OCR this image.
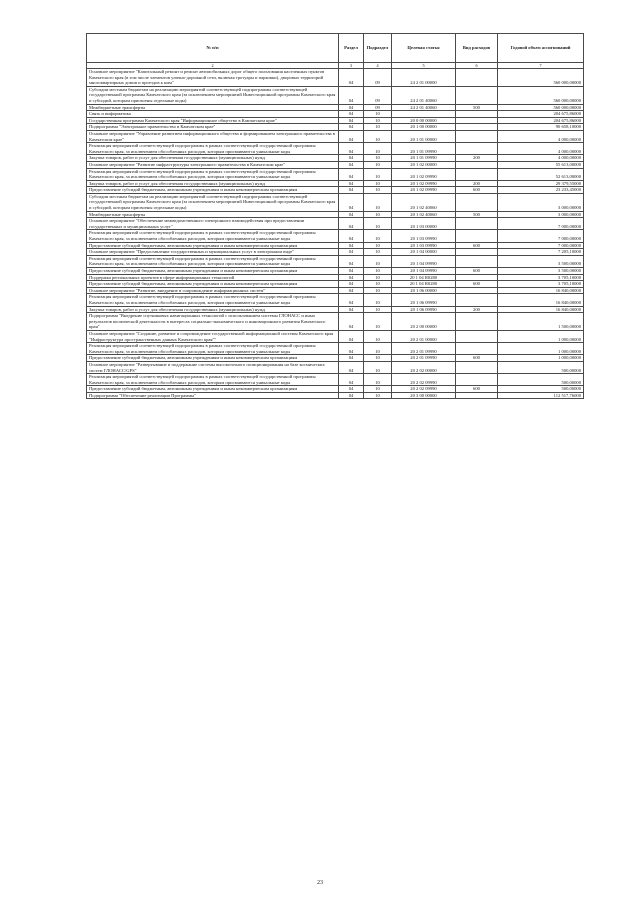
№ п/п	Раздел	Подраздел	Целевая статья	Вид расходов	Годовой объем ассигнований
2	3	4	5	6	7
Основное мероприятие "Капитальный ремонт и ремонт автомобильных дорог общего пользования населенных пунктов Камчатского края (в том числе элементов улично-дорожной сети, включая тротуары и парковки), дворовых территорий многоквартирных домов и проездов к ним"	04	09	24 2 01 00000		560 000,00000
Субсидии местным бюджетам на реализацию мероприятий соответствующей подпрограммы соответствующей государственной программы Камчатского края (за исключением мероприятий Инвестиционной программы Камчатского края и субсидий, которым присвоены отдельные коды)	04	09	24 2 01 40060		560 000,00000
Межбюджетные трансферты	04	09	24 2 01 40060	500	560 000,00000
Связь и информатика	04	10			204 675,86000
Государственная программа Камчатского края "Информационное общество в Камчатском крае"	04	10	20 0 00 00000		204 675,86000
Подпрограмма "Электронное правительство в Камчатском крае"	04	10	20 1 00 00000		90 658,10000
Основное мероприятие "Управление развитием информационного общества и формированием электронного правительства в Камчатском крае"	04	10	20 1 01 00000		4 000,00000
Реализация мероприятий соответствующей подпрограммы в рамках соответствующей государственной программы Камчатского края, за исключением обособленных расходов, которым присваиваются уникальные коды	04	10	20 1 01 09990		4 000,00000
Закупка товаров, работ и услуг для обеспечения государственных (муниципальных) нужд	04	10	20 1 01 09990	200	4 000,00000
Основное мероприятие "Развитие инфраструктуры электронного правительства в Камчатском крае"	04	10	20 1 02 00000		55 613,00000
Реализация мероприятий соответствующей подпрограммы в рамках соответствующей государственной программы Камчатского края, за исключением обособленных расходов, которым присваиваются уникальные коды	04	10	20 1 02 09990		52 613,00000
Закупка товаров, работ и услуг для обеспечения государственных (муниципальных) нужд	04	10	20 1 02 09990	200	29 379,55000
Предоставление субсидий бюджетным, автономным учреждениям и иным некоммерческим организациям	04	10	20 1 02 09990	600	23 233,45000
Субсидии местным бюджетам на реализацию мероприятий соответствующей подпрограммы соответствующей государственной программы Камчатского края (за исключением мероприятий Инвестиционной программы Камчатского края и субсидий, которым присвоены отдельные коды)	04	10	20 1 02 40060		3 000,00000
Межбюджетные трансферты	04	10	20 1 02 40060	500	3 000,00000
Основное мероприятие "Обеспечение межведомственного электронного взаимодействия при предоставлении государственных и муниципальных услуг"	04	10	20 1 03 00000		7 000,00000
Реализация мероприятий соответствующей подпрограммы в рамках соответствующей государственной программы Камчатского края, за исключением обособленных расходов, которым присваиваются уникальные коды	04	10	20 1 03 09990		7 000,00000
Предоставление субсидий бюджетным, автономным учреждениям и иным некоммерческим организациям	04	10	20 1 03 09990	600	7 000,00000
Основное мероприятие "Предоставление государственных и муниципальных услуг в электронном виде"	04	10	20 1 04 00000		7 205,10000
Реализация мероприятий соответствующей подпрограммы в рамках соответствующей государственной программы Камчатского края, за исключением обособленных расходов, которым присваиваются уникальные коды	04	10	20 1 04 09990		3 500,00000
Предоставление субсидий бюджетным, автономным учреждениям и иным некоммерческим организациям	04	10	20 1 04 09990	600	3 500,00000
Поддержка региональных проектов в сфере информационных технологий	04	10	20 1 04 R0280		3 705,10000
Предоставление субсидий бюджетным, автономным учреждениям и иным некоммерческим организациям	04	10	20 1 04 R0280	600	3 705,10000
Основное мероприятие "Развитие, внедрение и сопровождение информационных систем"	04	10	20 1 06 00000		16 840,00000
Реализация мероприятий соответствующей подпрограммы в рамках соответствующей государственной программы Камчатского края, за исключением обособленных расходов, которым присваиваются уникальные коды	04	10	20 1 06 09990		16 840,00000
Закупка товаров, работ и услуг для обеспечения государственных (муниципальных) нужд	04	10	20 1 06 09990	200	16 840,00000
Подпрограмма "Внедрение спутниковых навигационных технологий с использованием системы ГЛОНАСС и иных результатов космической деятельности в интересах социально-экономического и инновационного развития Камчатского края"	04	10	20 2 00 00000		1 500,00000
Основное мероприятие "Создание, развитие и сопровождение государственной информационной системы Камчатского края "Инфраструктура пространственных данных Камчатского края""	04	10	20 2 01 00000		1 000,00000
Реализация мероприятий соответствующей подпрограммы в рамках соответствующей государственной программы Камчатского края, за исключением обособленных расходов, которым присваиваются уникальные коды	04	10	20 2 01 09990		1 000,00000
Предоставление субсидий бюджетным, автономным учреждениям и иным некоммерческим организациям	04	10	20 2 01 09990	600	1 000,00000
Основное мероприятие "Развертывание и поддержание системы высокоточного позиционирования на базе космических систем ГЛОНАСС/GPS"	04	10	20 2 02 00000		500,00000
Реализация мероприятий соответствующей подпрограммы в рамках соответствующей государственной программы Камчатского края, за исключением обособленных расходов, которым присваиваются уникальные коды	04	10	20 2 02 09990		500,00000
Предоставление субсидий бюджетным, автономным учреждениям и иным некоммерческим организациям	04	10	20 2 02 09990	600	500,00000
Подпрограмма "Обеспечение реализации Программы"	04	10	20 3 00 00000		112 517,76000
23
